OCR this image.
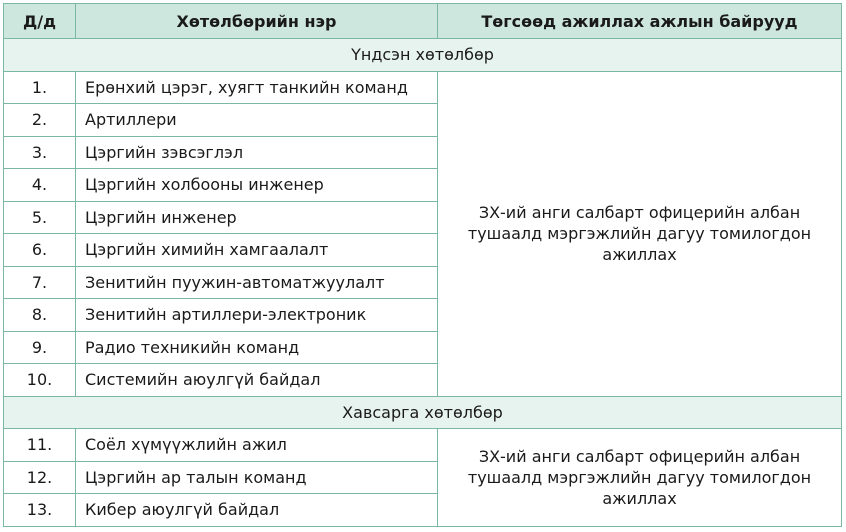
Д/д	Хөтөлбөрийн нэр	Төгсөөд ажиллах ажлын байрууд
Үндсэн хөтөлбөр		
1.	Ерөнхий цэрэг, хуягт танкийн команд	ЗХ-ий анги салбарт офицерийн албан тушаалд мэргэжлийн дагуу томилогдон ажиллах
2.	Артиллери	
3.	Цэргийн зэвсэглэл	
4.	Цэргийн холбооны инженер	
5.	Цэргийн инженер	
6.	Цэргийн химийн хамгаалалт	
7.	Зенитийн пуужин-автоматжуулалт	
8.	Зенитийн артиллери-электроник	
9.	Радио техникийн команд	
10.	Системийн аюулгүй байдал	
Хавсарга хөтөлбөр		
11.	Соёл хүмүүжлийн ажил	ЗХ-ий анги салбарт офицерийн албан тушаалд мэргэжлийн дагуу томилогдон ажиллах
12.	Цэргийн ар талын команд	
13.	Кибер аюулгүй байдал	
